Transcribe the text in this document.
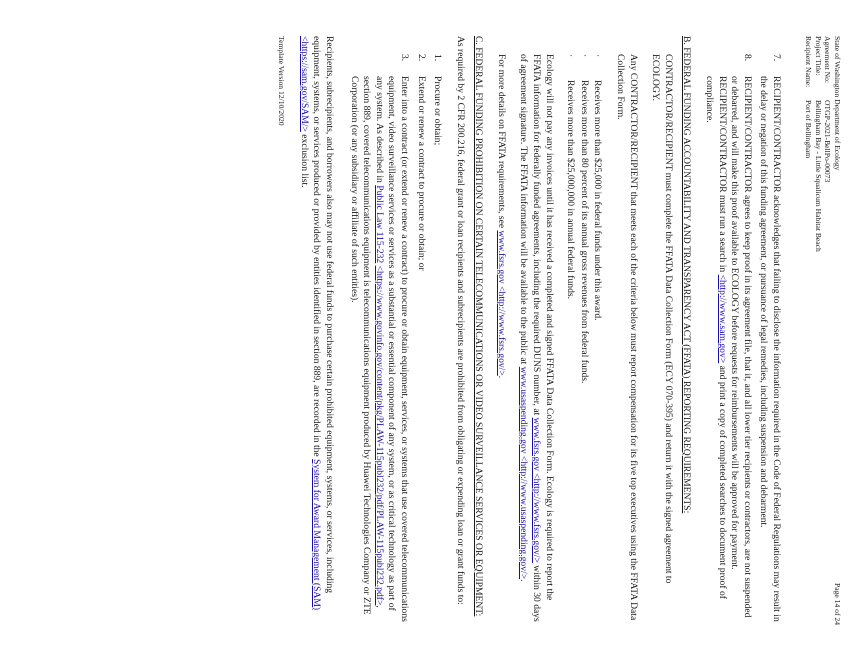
State of Washington Department of Ecology
Agreement No:
OTGP-2021-BellPo-00073
Project Title:
Bellingham Bay - Little Squalicum Habitat Beach
Recipient Name:
Port of Bellingham
Page 14 of 24
7.
RECIPIENT/CONTRACTOR acknowledges that failing to disclose the information required in the Code of Federal Regulations may result in the delay or negation of this funding agreement, or pursuance of legal remedies, including suspension and debarment.
8.
RECIPIENT/CONTRACTOR agrees to keep proof in its agreement file, that it, and all lower tier recipients or contractors, are not suspended or debarred, and will make this proof available to ECOLOGY before requests for reimbursements will be approved for payment. RECIPIENT/CONTRACTOR must run a search in <http://www.sam.gov> and print a copy of completed searches to document proof of compliance.
B. FEDERAL FUNDING ACCOUNTABILITY AND TRANSPARENCY ACT (FFATA) REPORTING REQUIREMENTS:

CONTRACTOR/RECIPIENT must complete the FFATA Data Collection Form (ECY 070-395) and return it with the signed agreement to ECOLOGY.

Any CONTRACTOR/RECIPIENT that meets each of the criteria below must report compensation for its five top executives using the FFATA Data Collection Form.

·
Receives more than $25,000 in federal funds under this award.
·
Receives more than 80 percent of its annual gross revenues from federal funds.
·
Receives more than $25,000,000 in annual federal funds.

Ecology will not pay any invoices until it has received a completed and signed FFATA Data Collection Form. Ecology is required to report the FFATA information for federally funded agreements, including the required DUNS number, at www.fsrs.gov <http://www.fsrs.gov/> within 30 days of agreement signature. The FFATA information will be available to the public at www.usaspending.gov <http://www.usaspending.gov/>.

For more details on FFATA requirements, see www.fsrs.gov <http://www.fsrs.gov/>.

C. FEDERAL FUNDING PROHIBITION ON CERTAIN TELECOMMUNICATIONS OR VIDEO SURVEILLANCE SERVICES OR EQUIPMENT:

As required by 2 CFR 200.216, federal grant or loan recipients and subrecipients are prohibited from obligating or expending loan or grant funds to:

1.
Procure or obtain;
2.
Extend or renew a contract to procure or obtain; or
3.
Enter into a contract (or extend or renew a contract) to procure or obtain equipment, services, or systems that use covered telecommunications equipment, video surveillance services or services as a substantial or essential component of any system, or as critical technology as part of any system. As described in Public Law 115-232 <https://www.govinfo.gov/content/pkg/PLAW-115publ232/pdf/PLAW-115publ232.pdf>, section 889, covered telecommunications equipment is telecommunications equipment produced by Huawei Technologies Company or ZTE Corporation (or any subsidiary or affiliate of such entities).

Recipients, subrecipients, and borrowers also may not use federal funds to purchase certain prohibited equipment, systems, or services, including equipment, systems, or services produced or provided by entities identified in section 889, are recorded in the System for Award Management (SAM) <https://sam.gov/SAM/> exclusion list.

Template Version 12/10/2020
